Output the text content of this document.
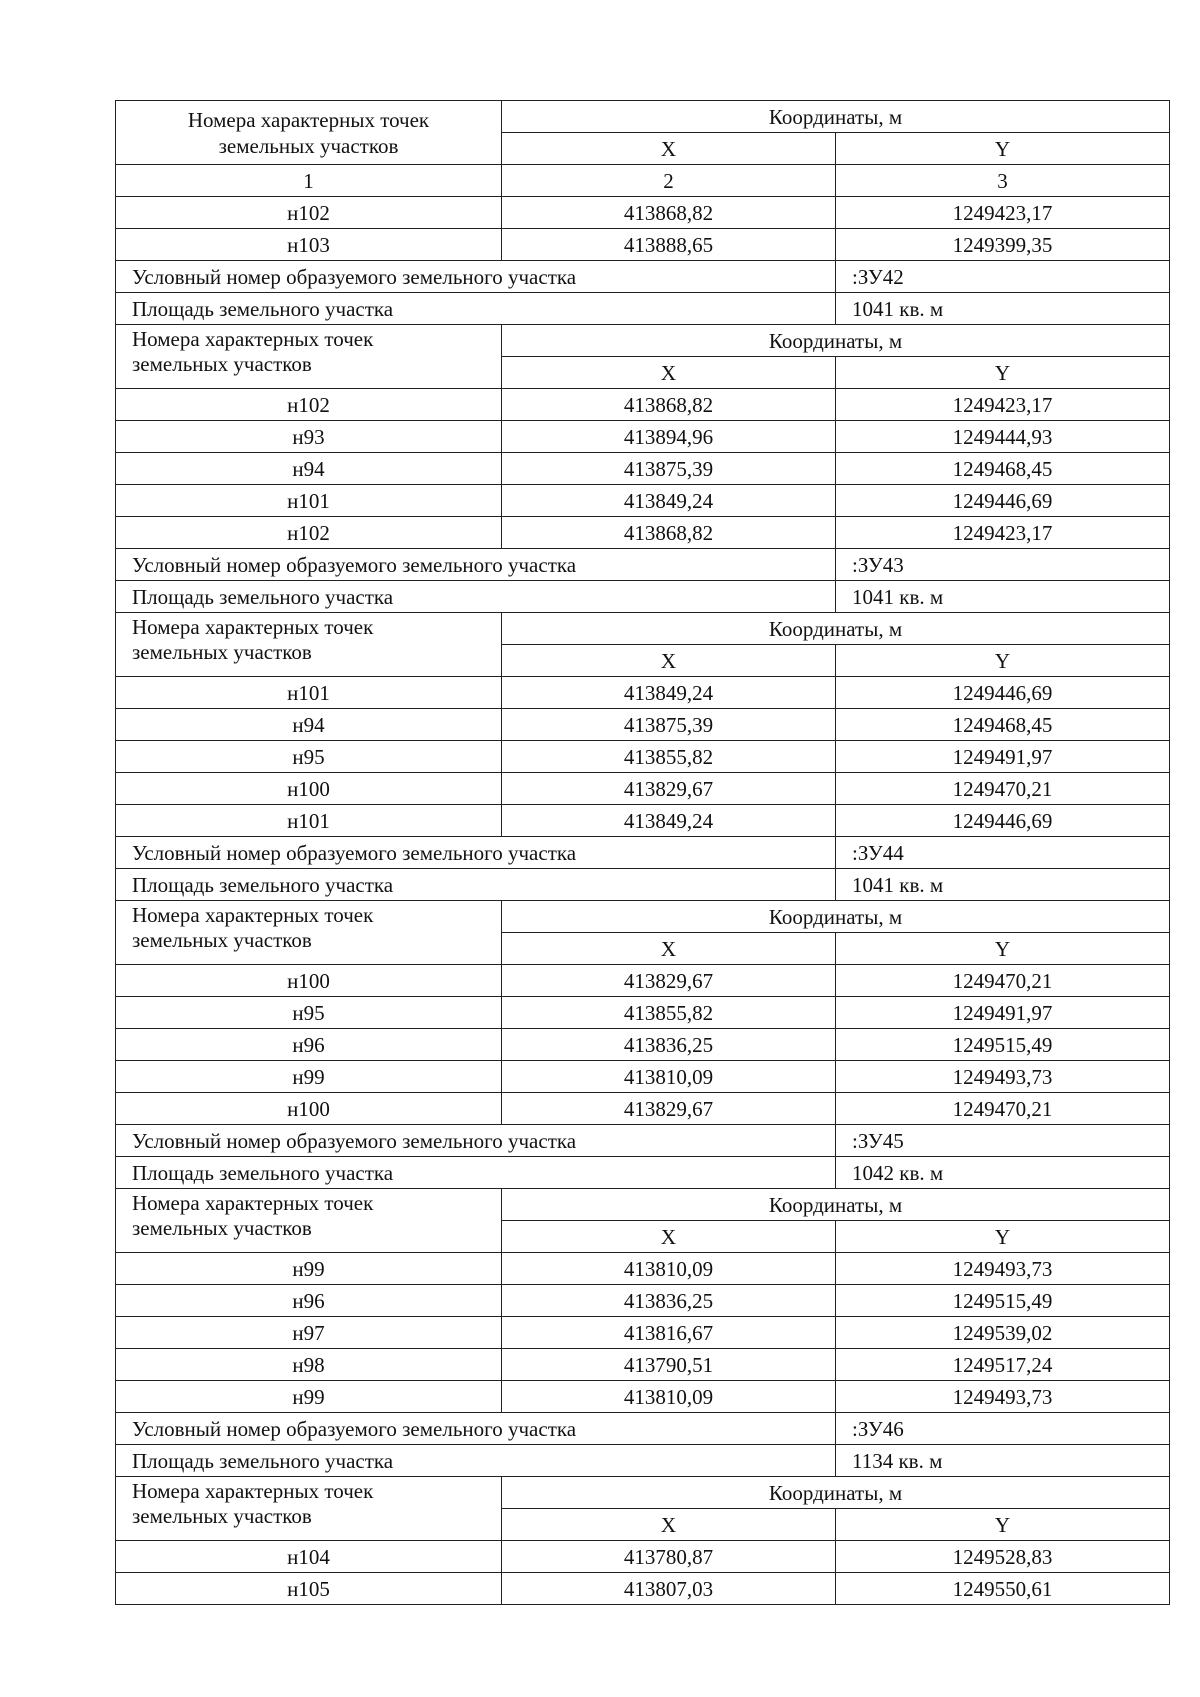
Номера характерных точек земельных участков	Координаты, м	
	X	Y
1	2	3
н102	413868,82	1249423,17
н103	413888,65	1249399,35
Условный номер образуемого земельного участка		:ЗУ42
Площадь земельного участка		1041 кв. м
Номера характерных точек земельных участков	Координаты, м	
	X	Y
н102	413868,82	1249423,17
н93	413894,96	1249444,93
н94	413875,39	1249468,45
н101	413849,24	1249446,69
н102	413868,82	1249423,17
Условный номер образуемого земельного участка		:ЗУ43
Площадь земельного участка		1041 кв. м
Номера характерных точек земельных участков	Координаты, м	
	X	Y
н101	413849,24	1249446,69
н94	413875,39	1249468,45
н95	413855,82	1249491,97
н100	413829,67	1249470,21
н101	413849,24	1249446,69
Условный номер образуемого земельного участка		:ЗУ44
Площадь земельного участка		1041 кв. м
Номера характерных точек земельных участков	Координаты, м	
	X	Y
н100	413829,67	1249470,21
н95	413855,82	1249491,97
н96	413836,25	1249515,49
н99	413810,09	1249493,73
н100	413829,67	1249470,21
Условный номер образуемого земельного участка		:ЗУ45
Площадь земельного участка		1042 кв. м
Номера характерных точек земельных участков	Координаты, м	
	X	Y
н99	413810,09	1249493,73
н96	413836,25	1249515,49
н97	413816,67	1249539,02
н98	413790,51	1249517,24
н99	413810,09	1249493,73
Условный номер образуемого земельного участка		:ЗУ46
Площадь земельного участка		1134 кв. м
Номера характерных точек земельных участков	Координаты, м	
	X	Y
н104	413780,87	1249528,83
н105	413807,03	1249550,61
